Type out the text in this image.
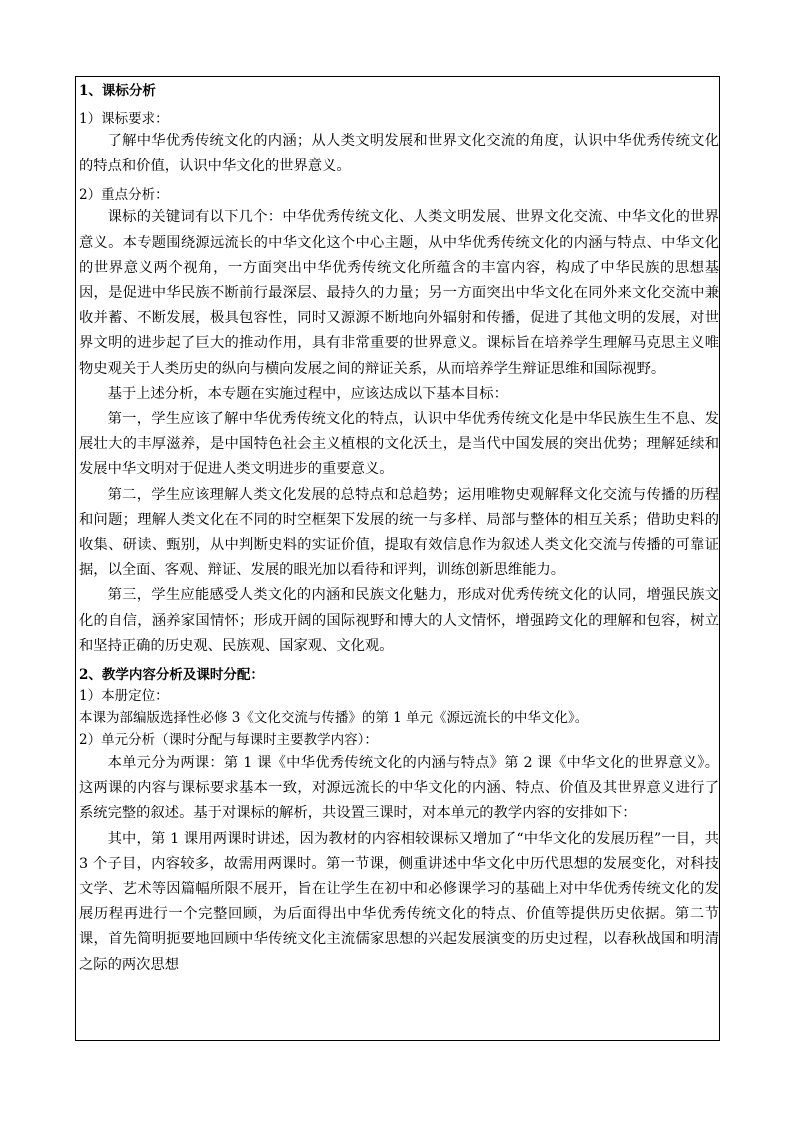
1、课标分析

1）课标要求：

了解中华优秀传统文化的内涵；从人类文明发展和世界文化交流的角度，认识中华优秀传统文化的特点和价值，认识中华文化的世界意义。

2）重点分析：

课标的关键词有以下几个：中华优秀传统文化、人类文明发展、世界文化交流、中华文化的世界意义。本专题围绕源远流长的中华文化这个中心主题，从中华优秀传统文化的内涵与特点、中华文化的世界意义两个视角，一方面突出中华优秀传统文化所蕴含的丰富内容，构成了中华民族的思想基因，是促进中华民族不断前行最深层、最持久的力量；另一方面突出中华文化在同外来文化交流中兼收并蓄、不断发展，极具包容性，同时又源源不断地向外辐射和传播，促进了其他文明的发展，对世界文明的进步起了巨大的推动作用，具有非常重要的世界意义。课标旨在培养学生理解马克思主义唯物史观关于人类历史的纵向与横向发展之间的辩证关系，从而培养学生辩证思维和国际视野。

基于上述分析，本专题在实施过程中，应该达成以下基本目标：

第一，学生应该了解中华优秀传统文化的特点，认识中华优秀传统文化是中华民族生生不息、发展壮大的丰厚滋养，是中国特色社会主义植根的文化沃土，是当代中国发展的突出优势；理解延续和发展中华文明对于促进人类文明进步的重要意义。

第二，学生应该理解人类文化发展的总特点和总趋势；运用唯物史观解释文化交流与传播的历程和问题；理解人类文化在不同的时空框架下发展的统一与多样、局部与整体的相互关系；借助史料的收集、研读、甄别，从中判断史料的实证价值，提取有效信息作为叙述人类文化交流与传播的可靠证据，以全面、客观、辩证、发展的眼光加以看待和评判，训练创新思维能力。

第三，学生应能感受人类文化的内涵和民族文化魅力，形成对优秀传统文化的认同，增强民族文化的自信，涵养家国情怀；形成开阔的国际视野和博大的人文情怀，增强跨文化的理解和包容，树立和坚持正确的历史观、民族观、国家观、文化观。

2、教学内容分析及课时分配：

1）本册定位：

本课为部编版选择性必修 3《文化交流与传播》的第 1 单元《源远流长的中华文化》。

2）单元分析（课时分配与每课时主要教学内容）：

本单元分为两课：第 1 课《中华优秀传统文化的内涵与特点》第 2 课《中华文化的世界意义》。这两课的内容与课标要求基本一致，对源远流长的中华文化的内涵、特点、价值及其世界意义进行了系统完整的叙述。基于对课标的解析，共设置三课时，对本单元的教学内容的安排如下：

其中，第 1 课用两课时讲述，因为教材的内容相较课标又增加了“中华文化的发展历程”一目，共 3 个子目，内容较多，故需用两课时。第一节课，侧重讲述中华文化中历代思想的发展变化，对科技文学、艺术等因篇幅所限不展开，旨在让学生在初中和必修课学习的基础上对中华优秀传统文化的发展历程再进行一个完整回顾，为后面得出中华优秀传统文化的特点、价值等提供历史依据。第二节课，首先简明扼要地回顾中华传统文化主流儒家思想的兴起发展演变的历史过程，以春秋战国和明清之际的两次思想
